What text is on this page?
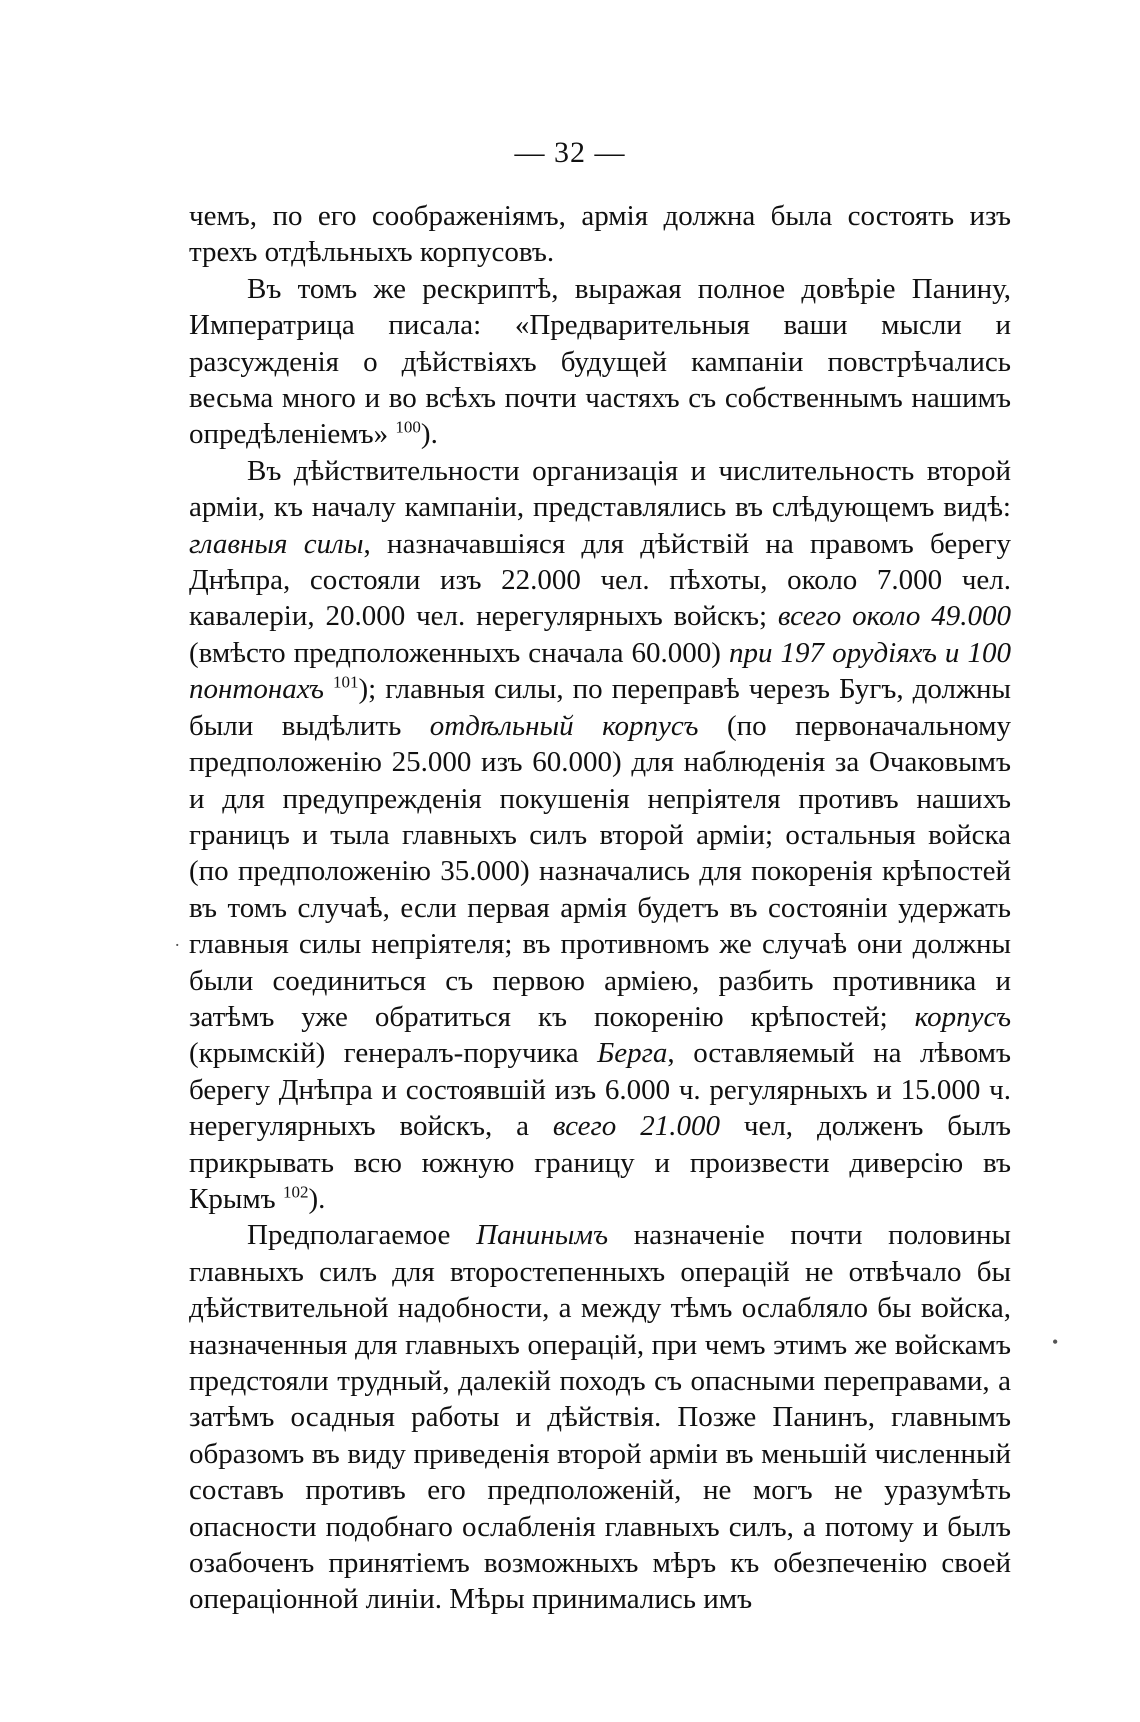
— 32 —

чемъ, по его соображеніямъ, армія должна была состоять изъ трехъ отдѣльныхъ корпусовъ.

Въ томъ же рескриптѣ, выражая полное довѣріе Панину, Императрица писала: «Предварительныя ваши мысли и разсужденія о дѣйствіяхъ будущей кампаніи повстрѣчались весьма много и во всѣхъ почти частяхъ съ собственнымъ нашимъ опредѣленіемъ» $^{100}$).

Въ дѣйствительности организація и числительность второй арміи, къ началу кампаніи, представлялись въ слѣдующемъ видѣ: главныя силы, назначавшіяся для дѣйствій на правомъ берегу Днѣпра, состояли изъ 22.000 чел. пѣхоты, около 7.000 чел. кавалеріи, 20.000 чел. нерегулярныхъ войскъ; всего около 49.000 (вмѣсто предположенныхъ сначала 60.000) при 197 орудіяхъ и 100 понтонахъ $^{101}$); главныя силы, по переправѣ черезъ Бугъ, должны были выдѣлить отдѣльный корпусъ (по первоначальному предположенію 25.000 изъ 60.000) для наблюденія за Очаковымъ и для предупрежденія покушенія непріятеля противъ нашихъ границъ и тыла главныхъ силъ второй арміи; остальныя войска (по предположенію 35.000) назначались для покоренія крѣпостей въ томъ случаѣ, если первая армія будетъ въ состояніи удержать главныя силы непріятеля; въ противномъ же случаѣ они должны были соединиться съ первою арміею, разбить противника и затѣмъ уже обратиться къ покоренію крѣпостей; корпусъ (крымскій) генералъ-поручика Берга, оставляемый на лѣвомъ берегу Днѣпра и состоявшій изъ 6.000 ч. регулярныхъ и 15.000 ч. нерегулярныхъ войскъ, а всего 21.000 чел, долженъ былъ прикрывать всю южную границу и произвести диверсію въ Крымъ $^{102}$).

Предполагаемое Панинымъ назначеніе почти половины главныхъ силъ для второстепенныхъ операцій не отвѣчало бы дѣйствительной надобности, а между тѣмъ ослабляло бы войска, назначенныя для главныхъ операцій, при чемъ этимъ же войскамъ предстояли трудный, далекій походъ съ опасными переправами, а затѣмъ осадныя работы и дѣйствія. Позже Панинъ, главнымъ образомъ въ виду приведенія второй арміи въ меньшій численный составъ противъ его предположеній, не могъ не уразумѣть опасности подобнаго ослабленія главныхъ силъ, а потому и былъ озабоченъ принятіемъ возможныхъ мѣръ къ обезпеченію своей операціонной линіи. Мѣры принимались имъ

•
.
